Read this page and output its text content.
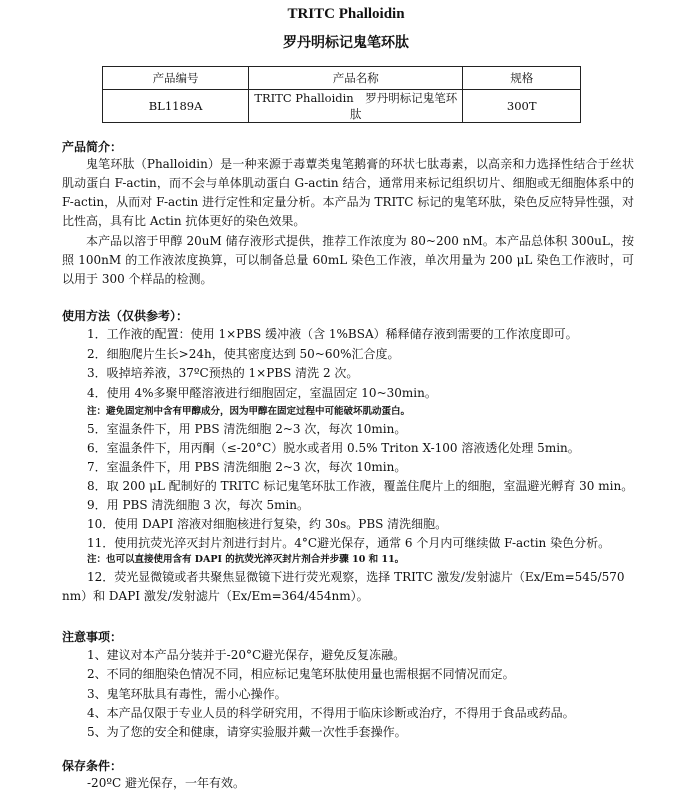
TRITC Phalloidin
罗丹明标记鬼笔环肽
产品编号	产品名称	规格
BL1189A	TRITC Phalloidin　罗丹明标记鬼笔环肽	300T
产品简介：

鬼笔环肽（Phalloidin）是一种来源于毒蕈类鬼笔鹅膏的环状七肽毒素，以高亲和力选择性结合于丝状肌动蛋白 F-actin，而不会与单体肌动蛋白 G-actin 结合，通常用来标记组织切片、细胞或无细胞体系中的 F-actin，从而对 F-actin 进行定性和定量分析。本产品为 TRITC 标记的鬼笔环肽，染色反应特异性强，对比性高，具有比 Actin 抗体更好的染色效果。

本产品以溶于甲醇 20uM 储存液形式提供，推荐工作浓度为 80~200 nM。本产品总体积 300uL，按照 100nM 的工作液浓度换算，可以制备总量 60mL 染色工作液，单次用量为 200 μL 染色工作液时，可以用于 300 个样品的检测。

使用方法（仅供参考）：
1．工作液的配置：使用 1×PBS 缓冲液（含 1%BSA）稀释储存液到需要的工作浓度即可。
2．细胞爬片生长>24h，使其密度达到 50~60%汇合度。
3．吸掉培养液，37ºC预热的 1×PBS 清洗 2 次。
4．使用 4%多聚甲醛溶液进行细胞固定，室温固定 10~30min。
注：避免固定剂中含有甲醇成分，因为甲醇在固定过程中可能破坏肌动蛋白。
5．室温条件下，用 PBS 清洗细胞 2~3 次，每次 10min。
6．室温条件下，用丙酮（≤-20°C）脱水或者用 0.5% Triton X-100 溶液透化处理 5min。
7．室温条件下，用 PBS 清洗细胞 2~3 次，每次 10min。
8．取 200 μL 配制好的 TRITC 标记鬼笔环肽工作液，覆盖住爬片上的细胞，室温避光孵育 30 min。
9．用 PBS 清洗细胞 3 次，每次 5min。
10．使用 DAPI 溶液对细胞核进行复染，约 30s。PBS 清洗细胞。
11．使用抗荧光淬灭封片剂进行封片。4°C避光保存，通常 6 个月内可继续做 F-actin 染色分析。
注：也可以直接使用含有 DAPI 的抗荧光淬灭封片剂合并步骤 10 和 11。

12．荧光显微镜或者共聚焦显微镜下进行荧光观察，选择 TRITC 激发/发射滤片（Ex/Em=545/570 nm）和 DAPI 激发/发射滤片（Ex/Em=364/454nm）。

注意事项：
1、建议对本产品分装并于-20°C避光保存，避免反复冻融。
2、不同的细胞染色情况不同，相应标记鬼笔环肽使用量也需根据不同情况而定。
3、鬼笔环肽具有毒性，需小心操作。
4、本产品仅限于专业人员的科学研究用，不得用于临床诊断或治疗，不得用于食品或药品。
5、为了您的安全和健康，请穿实验服并戴一次性手套操作。
保存条件：
-20ºC 避光保存，一年有效。
